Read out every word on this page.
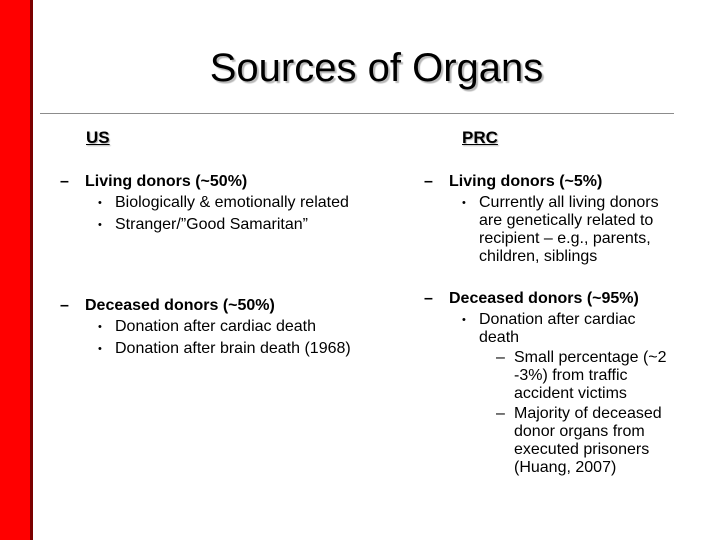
Sources of Organs
US	PRC
– Living donors (~50%)
• Biologically & emotionally related
• Stranger/”Good Samaritan”
– Deceased donors (~50%)
• Donation after cardiac death
• Donation after brain death (1968)
– Living donors (~5%)
• Currently all living donors are genetically related to recipient – e.g., parents, children, siblings
– Deceased donors (~95%)
• Donation after cardiac death
– Small percentage (~2 -3%) from traffic accident victims
– Majority of deceased donor organs from executed prisoners (Huang, 2007)
